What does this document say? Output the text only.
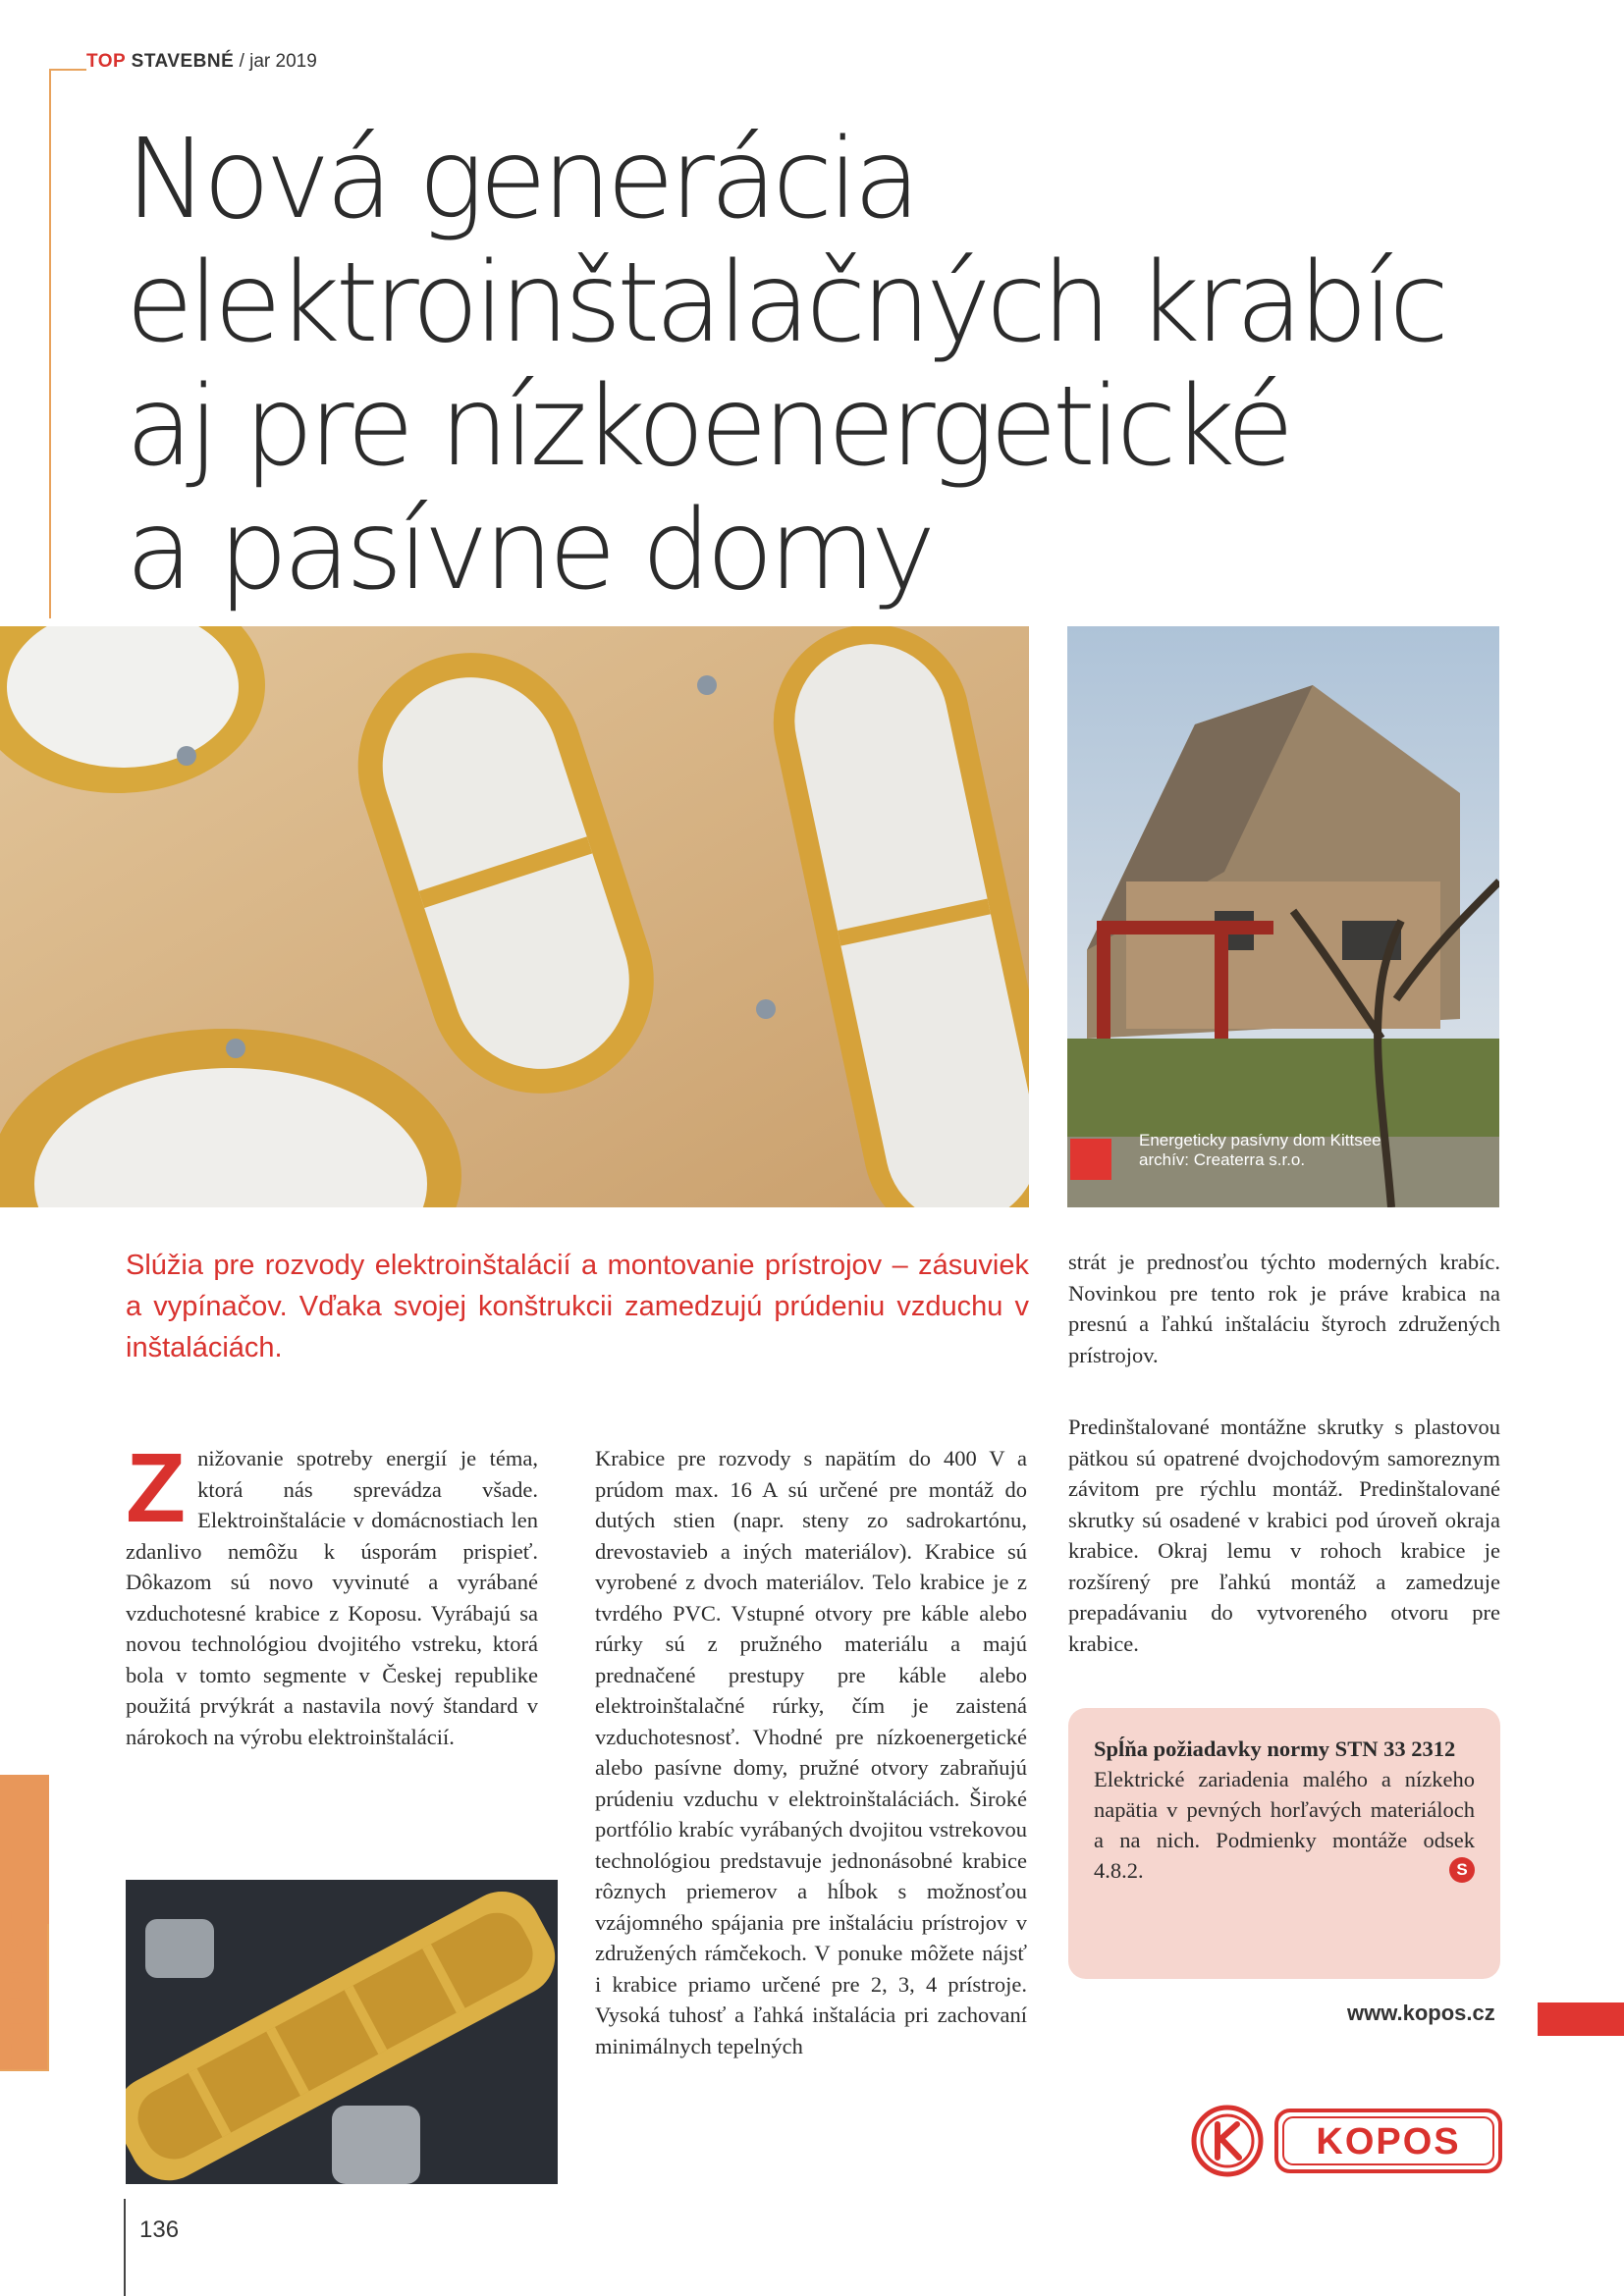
TOP STAVEBNÉ / jar 2019
Nová generácia
elektroinštalačných krabíc
aj pre nízkoenergetické
a pasívne domy
Energeticky pasívny dom Kittsee
archív: Createrra s.r.o.

Slúžia pre rozvody elektroinštalácií a montovanie prístrojov – zásuviek a vypínačov. Vďaka svojej konštrukcii zamedzujú prúdeniu vzduchu v inštaláciách.

Z nižovanie spotreby energií je téma, ktorá nás sprevádza všade. Elektroinštalácie v domácnostiach len zdanlivo nemôžu k úsporám prispieť. Dôkazom sú novo vyvinuté a vyrábané vzduchotesné krabice z Koposu. Vyrábajú sa novou technológiou dvojitého vstreku, ktorá bola v tomto segmente v Českej republike použitá prvýkrát a nastavila nový štandard v nárokoch na výrobu elektroinštalácií.

Krabice pre rozvody s napätím do 400 V a prúdom max. 16 A sú určené pre montáž do dutých stien (napr. steny zo sadrokartónu, drevostavieb a iných materiálov). Krabice sú vyrobené z dvoch materiálov. Telo krabice je z tvrdého PVC. Vstupné otvory pre káble alebo rúrky sú z pružného materiálu a majú prednačené prestupy pre káble alebo elektroinštalačné rúrky, čím je zaistená vzduchotesnosť. Vhodné pre nízkoenergetické alebo pasívne domy, pružné otvory zabraňujú prúdeniu vzduchu v elektroinštaláciách. Široké portfólio krabíc vyrábaných dvojitou vstrekovou technológiou predstavuje jednonásobné krabice rôznych priemerov a hĺbok s možnosťou vzájomného spájania pre inštaláciu prístrojov v združených rámčekoch. V ponuke môžete nájsť i krabice priamo určené pre 2, 3, 4 prístroje. Vysoká tuhosť a ľahká inštalácia pri zachovaní minimálnych tepelných

strát je prednosťou týchto moderných krabíc. Novinkou pre tento rok je práve krabica na presnú a ľahkú inštaláciu štyroch združených prístrojov.

Predinštalované montážne skrutky s plastovou pätkou sú opatrené dvojchodovým samoreznym závitom pre rýchlu montáž. Predinštalované skrutky sú osadené v krabici pod úroveň okraja krabice. Okraj lemu v rohoch krabice je rozšírený pre ľahkú montáž a zamedzuje prepadávaniu do vytvoreného otvoru pre krabice.

Spĺňa požiadavky normy STN 33 2312
Elektrické zariadenia malého a nízkeho napätia v pevných horľavých materiáloch a na nich. Podmienky montáže odsek 4.8.2.	S
www.kopos.cz
KOPOS
TECHNOLÓGIE
136
